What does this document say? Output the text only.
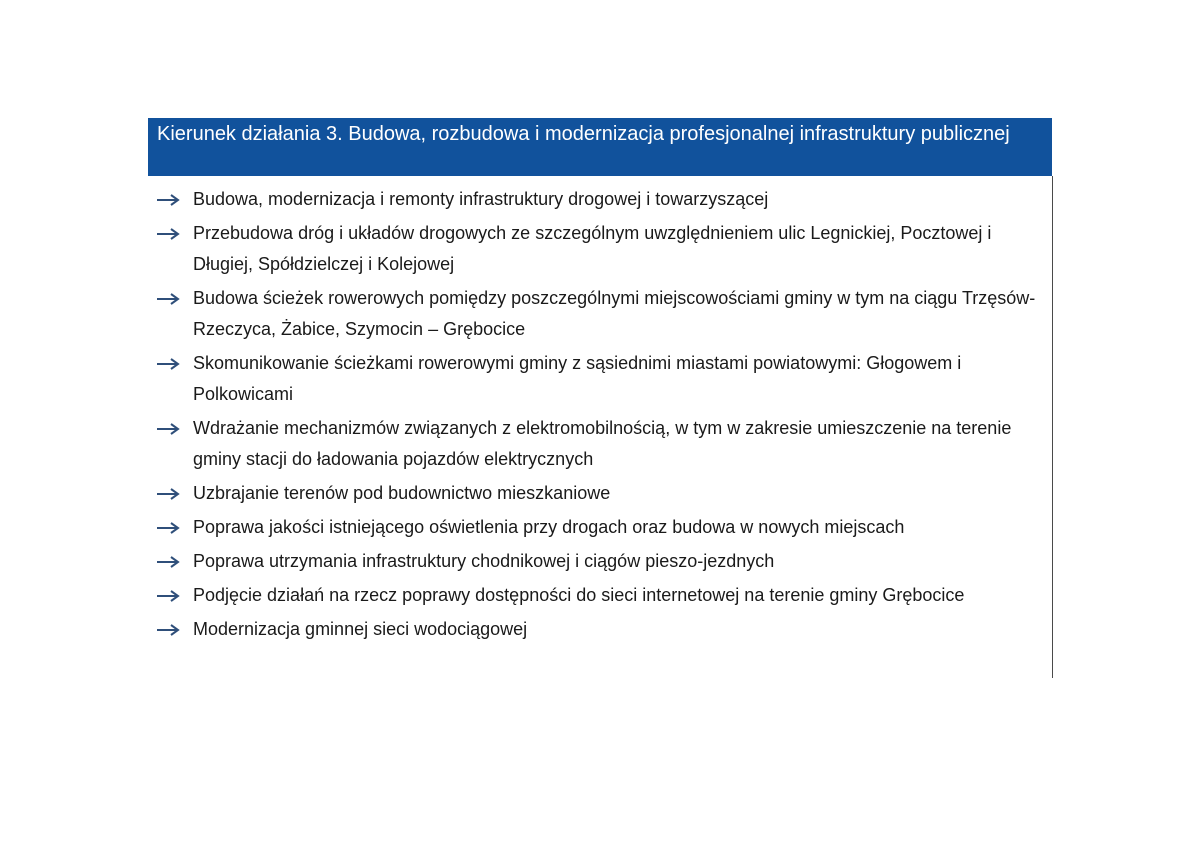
Kierunek działania 3. Budowa, rozbudowa i modernizacja profesjonalnej infrastruktury publicznej
Budowa, modernizacja i remonty infrastruktury drogowej i towarzyszącej
Przebudowa dróg i układów drogowych ze szczególnym uwzględnieniem ulic Legnickiej, Pocztowej i Długiej, Spółdzielczej i Kolejowej
Budowa ścieżek rowerowych pomiędzy poszczególnymi miejscowościami gminy w tym na ciągu Trzęsów-Rzeczyca, Żabice, Szymocin – Grębocice
Skomunikowanie ścieżkami rowerowymi gminy z sąsiednimi miastami powiatowymi: Głogowem i Polkowicami
Wdrażanie mechanizmów związanych z elektromobilnością, w tym w zakresie umieszczenie na terenie gminy stacji do ładowania pojazdów elektrycznych
Uzbrajanie terenów pod budownictwo mieszkaniowe
Poprawa jakości istniejącego oświetlenia przy drogach oraz budowa w nowych miejscach
Poprawa utrzymania infrastruktury chodnikowej i ciągów pieszo-jezdnych
Podjęcie działań na rzecz poprawy dostępności do sieci internetowej na terenie gminy Grębocice
Modernizacja gminnej sieci wodociągowej
